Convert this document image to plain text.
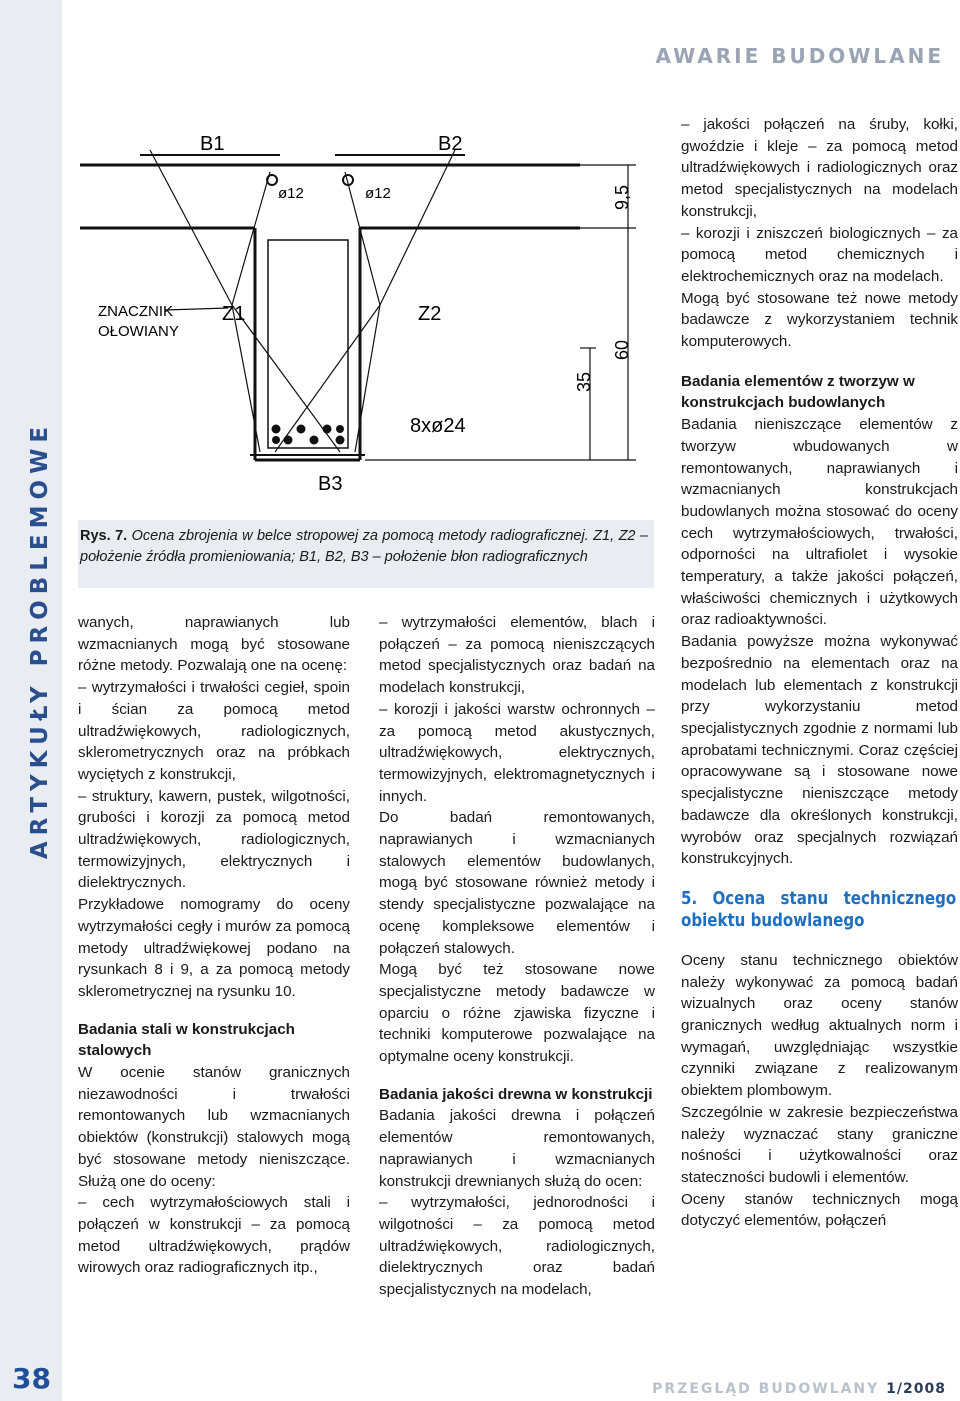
ARTYKUŁY PROBLEMOWE
38
AWARIE BUDOWLANE
B1	B2
B3
Z1	Z2
ø12	ø12
8xø24
ZNACZNIK
OŁOWIANY
9,5
60
35
Rys. 7. Ocena zbrojenia w belce stropowej za pomocą metody radiograficznej. Z1, Z2 – położenie źródła promieniowania; B1, B2, B3 – położenie błon radiograficznych

wanych, naprawianych lub wzmacnianych mogą być stosowane różne metody. Pozwalają one na ocenę:

– wytrzymałości i trwałości cegieł, spoin i ścian za pomocą metod ultradźwiękowych, radiologicznych, sklerometrycznych oraz na próbkach wyciętych z konstrukcji,

– struktury, kawern, pustek, wilgotności, grubości i korozji za pomocą metod ultradźwiękowych, radiologicznych, termowizyjnych, elektrycznych i dielektrycznych.

Przykładowe nomogramy do oceny wytrzymałości cegły i murów za pomocą metody ultradźwiękowej podano na rysunkach 8 i 9, a za pomocą metody sklerometrycznej na rysunku 10.

Badania stali w konstrukcjach stalowych

W ocenie stanów granicznych niezawodności i trwałości remontowanych lub wzmacnianych obiektów (konstrukcji) stalowych mogą być stosowane metody nieniszczące. Służą one do oceny:

– cech wytrzymałościowych stali i połączeń w konstrukcji – za pomocą metod ultradźwiękowych, prądów wirowych oraz radiograficznych itp.,

– wytrzymałości elementów, blach i połączeń – za pomocą nieniszczących metod specjalistycznych oraz badań na modelach konstrukcji,

– korozji i jakości warstw ochronnych – za pomocą metod akustycznych, ultradźwiękowych, elektrycznych, termowizyjnych, elektromagnetycznych i innych.

Do badań remontowanych, naprawianych i wzmacnianych stalowych elementów budowlanych, mogą być stosowane również metody i stendy specjalistyczne pozwalające na ocenę kompleksowe elementów i połączeń stalowych.

Mogą być też stosowane nowe specjalistyczne metody badawcze w oparciu o różne zjawiska fizyczne i techniki komputerowe pozwalające na optymalne oceny konstrukcji.

Badania jakości drewna w konstrukcji

Badania jakości drewna i połączeń elementów remontowanych, naprawianych i wzmacnianych konstrukcji drewnianych służą do ocen:

– wytrzymałości, jednorodności i wilgotności – za pomocą metod ultradźwiękowych, radiologicznych, dielektrycznych oraz badań specjalistycznych na modelach,

– jakości połączeń na śruby, kołki, gwoździe i kleje – za pomocą metod ultradźwiękowych i radiologicznych oraz metod specjalistycznych na modelach konstrukcji,

– korozji i zniszczeń biologicznych – za pomocą metod chemicznych i elektrochemicznych oraz na modelach.

Mogą być stosowane też nowe metody badawcze z wykorzystaniem technik komputerowych.

Badania elementów z tworzyw w konstrukcjach budowlanych

Badania nieniszczące elementów z tworzyw wbudowanych w remontowanych, naprawianych i wzmacnianych konstrukcjach budowlanych można stosować do oceny cech wytrzymałościowych, trwałości, odporności na ultrafiolet i wysokie temperatury, a także jakości połączeń, właściwości chemicznych i użytkowych oraz radioaktywności.

Badania powyższe można wykonywać bezpośrednio na elementach oraz na modelach lub elementach z konstrukcji przy wykorzystaniu metod specjalistycznych zgodnie z normami lub aprobatami technicznymi. Coraz częściej opracowywane są i stosowane nowe specjalistyczne nieniszczące metody badawcze dla określonych konstrukcji, wyrobów oraz specjalnych rozwiązań konstrukcyjnych.

5. Ocena stanu technicznego obiektu budowlanego

Oceny stanu technicznego obiektów należy wykonywać za pomocą badań wizualnych oraz oceny stanów granicznych według aktualnych norm i wymagań, uwzględniając wszystkie czynniki związane z realizowanym obiektem plombowym.

Szczególnie w zakresie bezpieczeństwa należy wyznaczać stany graniczne nośności i użytkowalności oraz stateczności budowli i elementów.

Oceny stanów technicznych mogą dotyczyć elementów, połączeń

PRZEGLĄD BUDOWLANY 1/2008
